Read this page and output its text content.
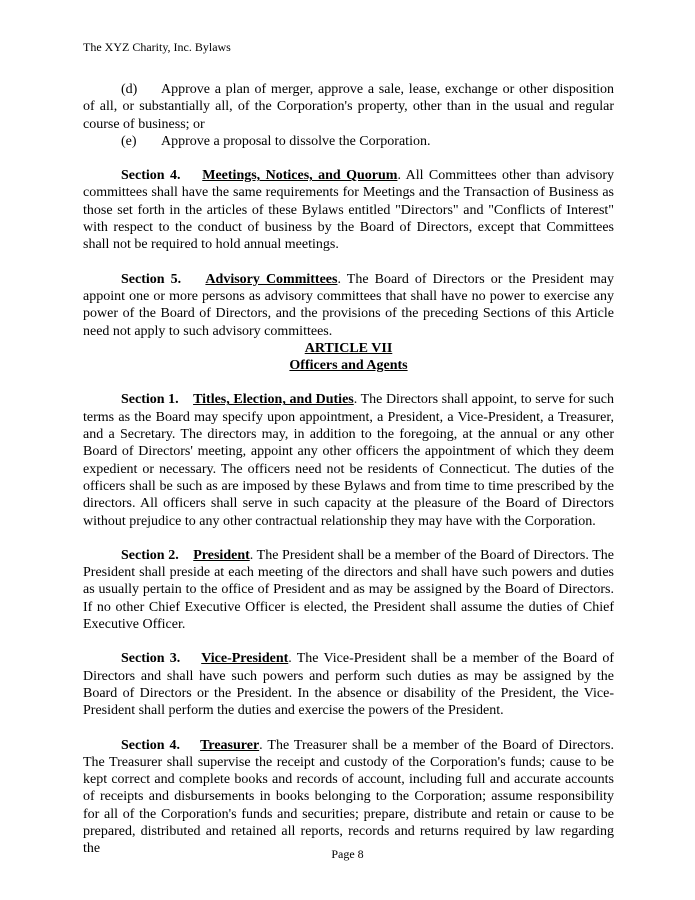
The XYZ Charity, Inc. Bylaws

(d) Approve a plan of merger, approve a sale, lease, exchange or other disposition of all, or substantially all, of the Corporation's property, other than in the usual and regular course of business; or

(e) Approve a proposal to dissolve the Corporation.

Section 4. Meetings, Notices, and Quorum. All Committees other than advisory committees shall have the same requirements for Meetings and the Transaction of Business as those set forth in the articles of these Bylaws entitled "Directors" and "Conflicts of Interest" with respect to the conduct of business by the Board of Directors, except that Committees shall not be required to hold annual meetings.

Section 5. Advisory Committees. The Board of Directors or the President may appoint one or more persons as advisory committees that shall have no power to exercise any power of the Board of Directors, and the provisions of the preceding Sections of this Article need not apply to such advisory committees.

ARTICLE VII

Officers and Agents

Section 1. Titles, Election, and Duties. The Directors shall appoint, to serve for such terms as the Board may specify upon appointment, a President, a Vice-President, a Treasurer, and a Secretary. The directors may, in addition to the foregoing, at the annual or any other Board of Directors' meeting, appoint any other officers the appointment of which they deem expedient or necessary. The officers need not be residents of Connecticut. The duties of the officers shall be such as are imposed by these Bylaws and from time to time prescribed by the directors. All officers shall serve in such capacity at the pleasure of the Board of Directors without prejudice to any other contractual relationship they may have with the Corporation.

Section 2. President. The President shall be a member of the Board of Directors. The President shall preside at each meeting of the directors and shall have such powers and duties as usually pertain to the office of President and as may be assigned by the Board of Directors. If no other Chief Executive Officer is elected, the President shall assume the duties of Chief Executive Officer.

Section 3. Vice-President. The Vice-President shall be a member of the Board of Directors and shall have such powers and perform such duties as may be assigned by the Board of Directors or the President. In the absence or disability of the President, the Vice-President shall perform the duties and exercise the powers of the President.

Section 4. Treasurer. The Treasurer shall be a member of the Board of Directors. The Treasurer shall supervise the receipt and custody of the Corporation's funds; cause to be kept correct and complete books and records of account, including full and accurate accounts of receipts and disbursements in books belonging to the Corporation; assume responsibility for all of the Corporation's funds and securities; prepare, distribute and retain or cause to be prepared, distributed and retained all reports, records and returns required by law regarding the	Page 8
